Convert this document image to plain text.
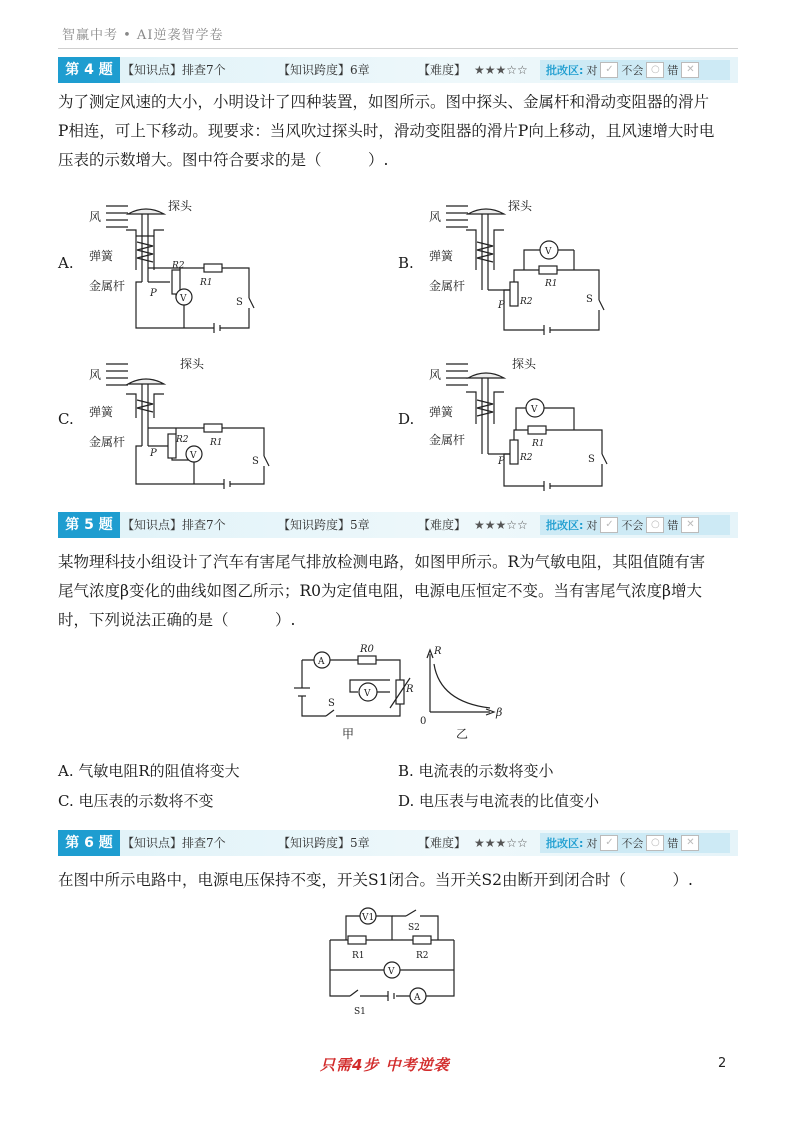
智赢中考 • AI逆袭智学卷
第 4 题 【知识点】排查7个	【知识跨度】6章	【难度】 ★★★☆☆ 批改区: 对 ✓ 不会 ○ 错 ✕
为了测定风速的大小，小明设计了四种装置，如图所示。图中探头、金属杆和滑动变阻器的滑片
P相连，可上下移动。现要求：当风吹过探头时，滑动变阻器的滑片P向上移动，且风速增大时电
压表的示数增大。图中符合要求的是（　　　）.
A.	B.
C.	D.
风
探头
弹簧
金属杆
P
R2
R1
V	S
风
探头
弹簧
金属杆
P R2
R1
V
S
风
探头
弹簧
金属杆
P
R2 R1
V	S
风
探头
弹簧
金属杆
P R2
R1
V
S
第 5 题 【知识点】排查7个	【知识跨度】5章	【难度】 ★★★☆☆ 批改区: 对 ✓ 不会 ○ 错 ✕
某物理科技小组设计了汽车有害尾气排放检测电路，如图甲所示。R为气敏电阻，其阻值随有害
尾气浓度β变化的曲线如图乙所示；R0为定值电阻，电源电压恒定不变。当有害尾气浓度β增大
时，下列说法正确的是（　　　）.
A
R0
V	R
S
甲
R
0
β
乙
A. 气敏电阻R的阻值将变大	B. 电流表的示数将变小
C. 电压表的示数将不变	D. 电压表与电流表的比值变小
第 6 题 【知识点】排查7个	【知识跨度】5章	【难度】 ★★★☆☆ 批改区: 对 ✓ 不会 ○ 错 ✕
在图中所示电路中，电源电压保持不变，开关S1闭合。当开关S2由断开到闭合时（　　　）.
V1
S2
R1	R2
V
A
S1
只需4步 中考逆袭	2
